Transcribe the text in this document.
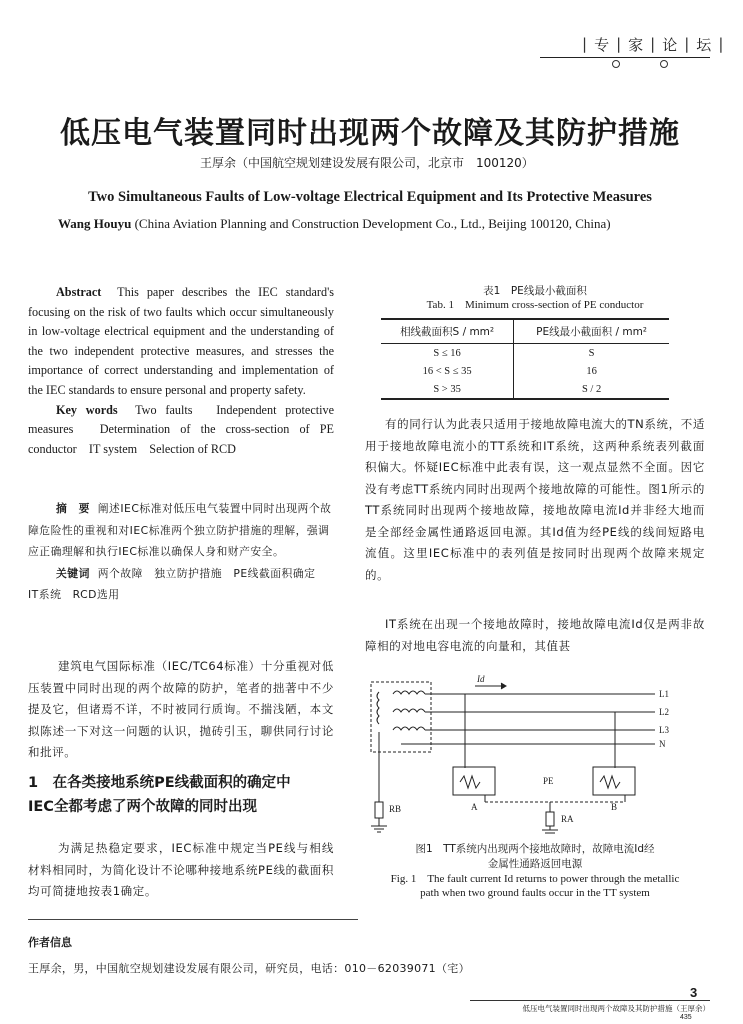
| 专 | 家 | 论 | 坛 |
低压电气装置同时出现两个故障及其防护措施
王厚余（中国航空规划建设发展有限公司，北京市　100120）
Two Simultaneous Faults of Low-voltage Electrical Equipment and Its Protective Measures
Wang Houyu (China Aviation Planning and Construction Development Co., Ltd., Beijing 100120, China)
Abstract This paper describes the IEC standard's focusing on the risk of two faults which occur simultaneously in low-voltage electrical equipment and the understanding of the two independent protective measures, and stresses the importance of correct understanding and implementation of the IEC standards to ensure personal and property safety.
Key words Two faults　Independent protective measures　Determination of the cross-section of PE conductor　IT system　Selection of RCD
摘　要 阐述IEC标准对低压电气装置中同时出现两个故障危险性的重视和对IEC标准两个独立防护措施的理解，强调应正确理解和执行IEC标准以确保人身和财产安全。
关键词 两个故障　独立防护措施　PE线截面积确定　IT系统　RCD选用
建筑电气国际标准（IEC/TC64标准）十分重视对低压装置中同时出现的两个故障的防护，笔者的拙著中不少提及它，但诸焉不详，不时被同行质询。不揣浅陋，本文拟陈述一下对这一问题的认识，抛砖引玉，聊供同行讨论和批评。
1　在各类接地系统PE线截面积的确定中
IEC全都考虑了两个故障的同时出现
为满足热稳定要求，IEC标准中规定当PE线与相线材料相同时，为简化设计不论哪种接地系统PE线的截面积均可简捷地按表1确定。
表1　PE线最小截面积
Tab. 1　Minimum cross-section of PE conductor
相线截面积S / mm²	PE线最小截面积 / mm²
S ≤ 16	S
16 < S ≤ 35	16
S > 35	S / 2
有的同行认为此表只适用于接地故障电流大的TN系统，不适用于接地故障电流小的TT系统和IT系统，这两种系统表列截面积偏大。怀疑IEC标准中此表有误，这一观点显然不全面。因它没有考虑TT系统内同时出现两个接地故障的可能性。图1所示的TT系统同时出现两个接地故障，接地故障电流Id并非经大地而是全部经金属性通路返回电源。其Id值为经PE线的线间短路电流值。这里IEC标准中的表列值是按同时出现两个故障来规定的。
IT系统在出现一个接地故障时，接地故障电流Id仅是两非故障相的对地电容电流的向量和，其值甚
L1
L2
L3
N
PE
Id
RA
RB	A	B
图1　TT系统内出现两个接地故障时，故障电流Id经
金属性通路返回电源
Fig. 1　The fault current Id returns to power through the metallic
path when two ground faults occur in the TT system
作者信息
王厚余，男，中国航空规划建设发展有限公司，研究员，电话：010－62039071（宅）
3
低压电气装置同时出现两个故障及其防护措施（王厚余）
435
